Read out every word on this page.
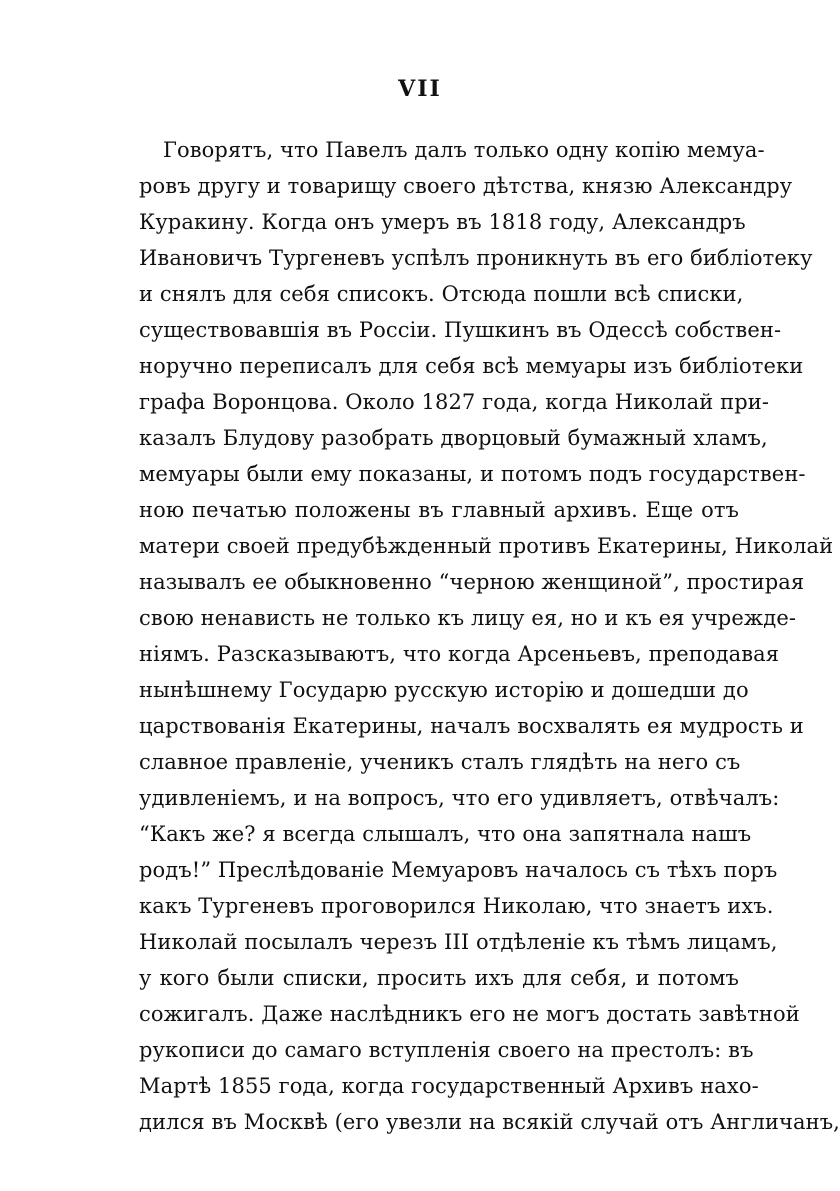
VII
Говорятъ, что Павелъ далъ только одну копію мемуа-
ровъ другу и товарищу своего дѣтства, князю Александру
Куракину. Когда онъ умеръ въ 1818 году, Александръ
Ивановичъ Тургеневъ успѣлъ проникнуть въ его библіотеку
и снялъ для себя списокъ. Отсюда пошли всѣ списки,
существовавшія въ Россіи. Пушкинъ въ Одессѣ собствен-
норучно переписалъ для себя всѣ мемуары изъ библіотеки
графа Воронцова. Около 1827 года, когда Николай при-
казалъ Блудову разобрать дворцовый бумажный хламъ,
мемуары были ему показаны, и потомъ подъ государствен-
ною печатью положены въ главный архивъ. Еще отъ
матери своей предубѣжденный противъ Екатерины, Николай
называлъ ее обыкновенно “черною женщиной”, простирая
свою ненависть не только къ лицу ея, но и къ ея учрежде-
ніямъ. Разсказываютъ, что когда Арсеньевъ, преподавая
нынѣшнему Государю русскую исторію и дошедши до
царствованія Екатерины, началъ восхвалять ея мудрость и
славное правленіе, ученикъ сталъ глядѣть на него съ
удивленіемъ, и на вопросъ, что его удивляетъ, отвѣчалъ:
“Какъ же? я всегда слышалъ, что она запятнала нашъ
родъ!” Преслѣдованіе Мемуаровъ началось съ тѣхъ поръ
какъ Тургеневъ проговорился Николаю, что знаетъ ихъ.
Николай посылалъ черезъ III отдѣленіе къ тѣмъ лицамъ,
у кого были списки, просить ихъ для себя, и потомъ
сожигалъ. Даже наслѣдникъ его не могъ достать завѣтной
рукописи до самаго вступленія своего на престолъ: въ
Мартѣ 1855 года, когда государственный Архивъ нахо-
дился въ Москвѣ (его увезли на всякій случай отъ Англичанъ,
